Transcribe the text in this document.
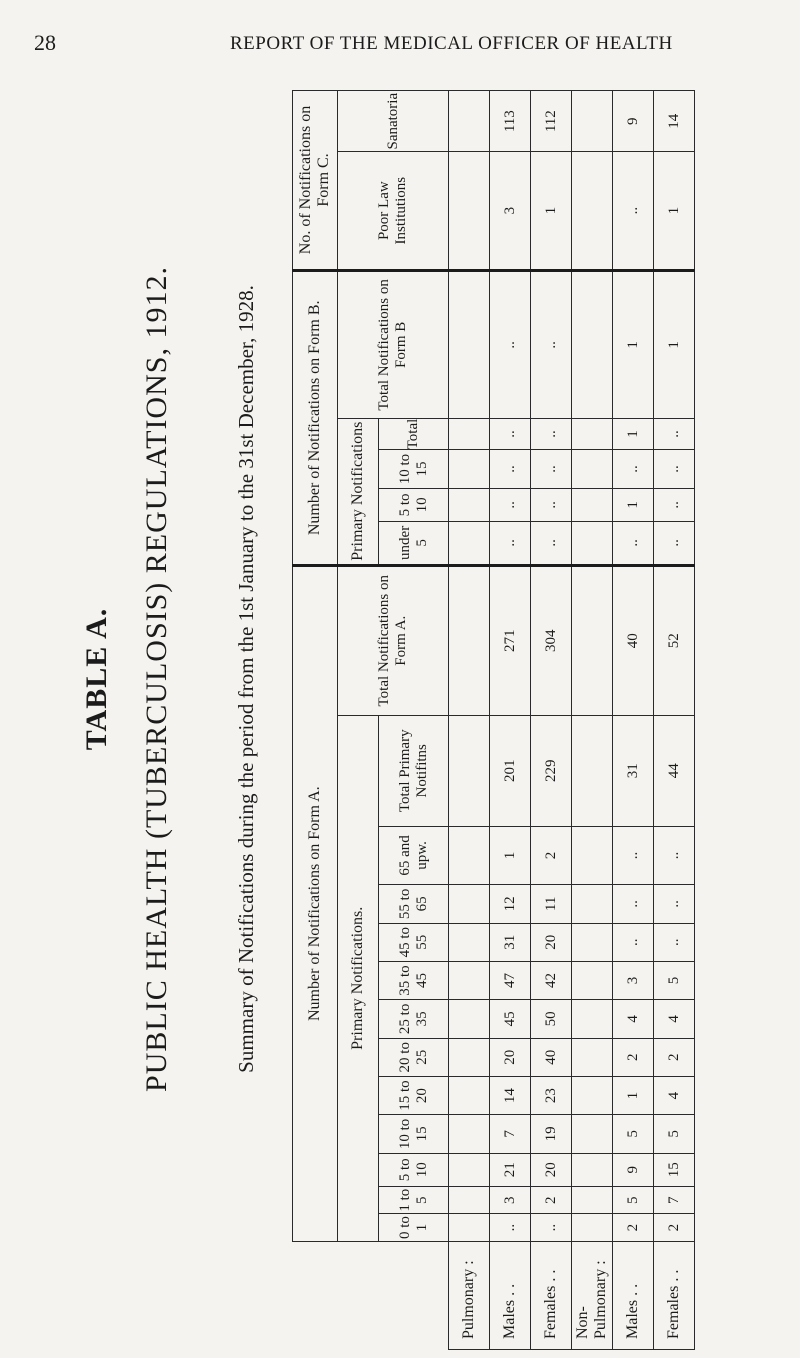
28	REPORT OF THE MEDICAL OFFICER OF HEALTH
TABLE A. PUBLIC HEALTH (TUBERCULOSIS) REGULATIONS, 1912.	Summary of Notifications during the period from the 1st January to the 31st December, 1928.
		Number of Notifications on Form A.													Number of Notifications on Form B.					No. of Notifications on Form C.	
	Primary Notifications.												Total Notifications on Form A.	Primary Notifications				Total Notifications on Form B	Poor Law Institutions	Sanatoria
	0 to 1	1 to 5	5 to 10	10 to 15	15 to 20	20 to 25	25 to 35	35 to 45	45 to 55	55 to 65	65 and upw.	Total Primary Notifitns		under 5	5 to 10	10 to 15	Total			
Pulmonary :																				
Males . .	..	3	21	7	14	20	45	47	31	12	1	201	271	..	..	..	..	..	3	113
Females . .	..	2	20	19	23	40	50	42	20	11	2	229	304	..	..	..	..	..	1	112
Non-Pulmonary :																				
Males . .	2	5	9	5	1	2	4	3	..	..	..	31	40	..	1	..	1	1	..	9
Females . .	2	7	15	5	4	2	4	5	..	..	..	44	52	..	..	..	..	1	1	14
